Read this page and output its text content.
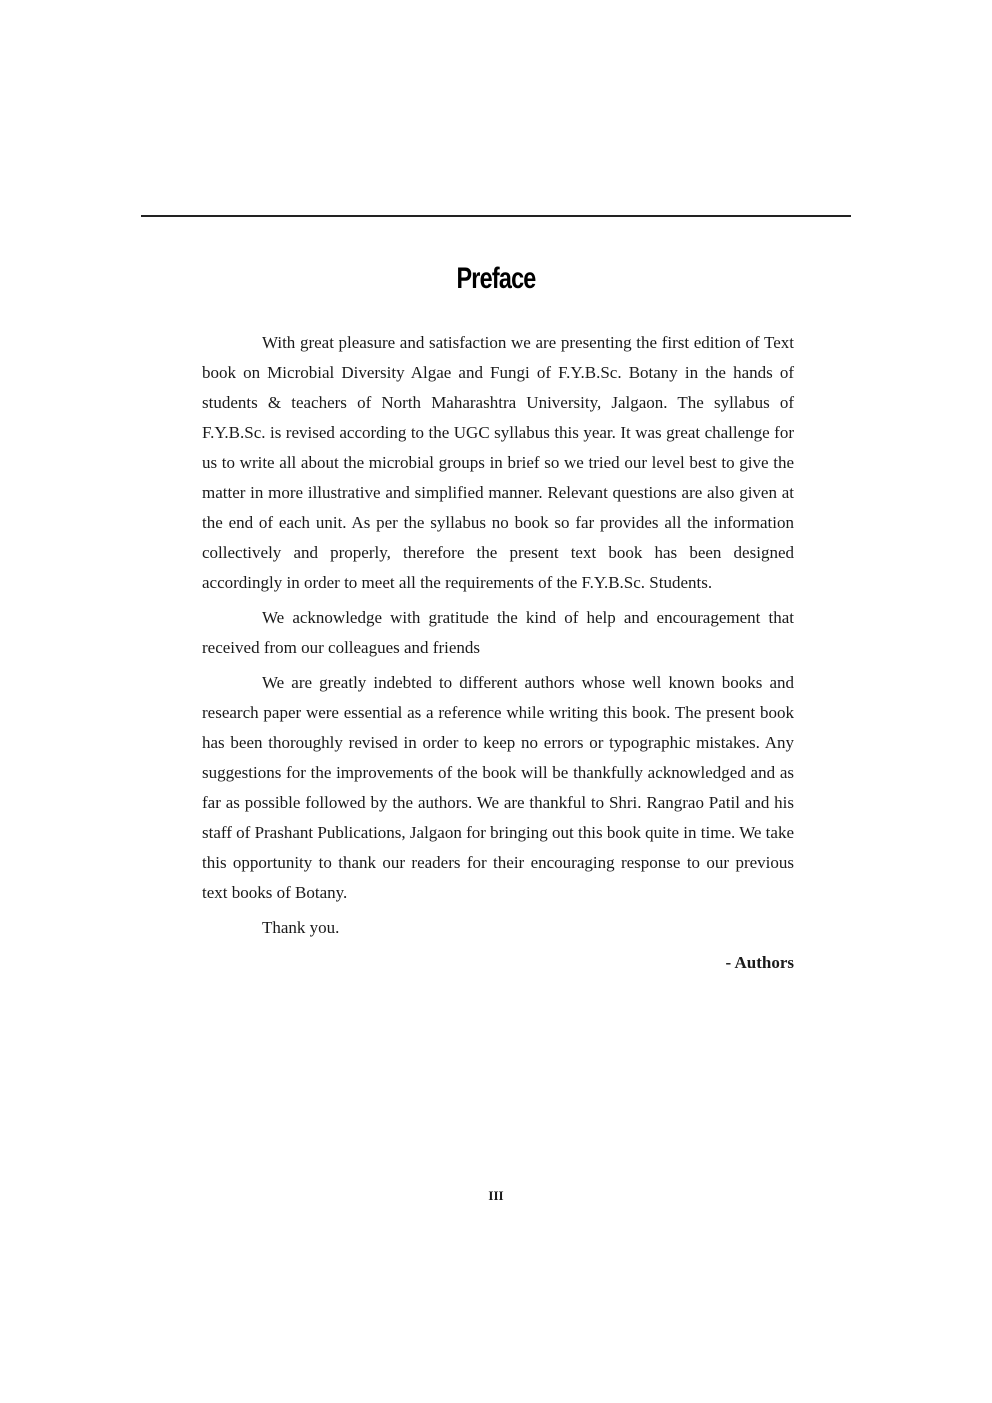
Preface

With great pleasure and satisfaction we are presenting the first edition of Text book on Microbial Diversity Algae and Fungi of F.Y.B.Sc. Botany in the hands of students & teachers of North Maharashtra University, Jalgaon. The syllabus of F.Y.B.Sc. is revised according to the UGC syllabus this year. It was great challenge for us to write all about the microbial groups in brief so we tried our level best to give the matter in more illustrative and simplified manner. Relevant questions are also given at the end of each unit. As per the syllabus no book so far provides all the information collectively and properly, therefore the present text book has been designed accordingly in order to meet all the requirements of the F.Y.B.Sc. Students.

We acknowledge with gratitude the kind of help and encouragement that received from our colleagues and friends

We are greatly indebted to different authors whose well known books and research paper were essential as a reference while writing this book. The present book has been thoroughly revised in order to keep no errors or typographic mistakes. Any suggestions for the improvements of the book will be thankfully acknowledged and as far as possible followed by the authors. We are thankful to Shri. Rangrao Patil and his staff of Prashant Publications, Jalgaon for bringing out this book quite in time. We take this opportunity to thank our readers for their encouraging response to our previous text books of Botany.

Thank you.

- Authors

III
